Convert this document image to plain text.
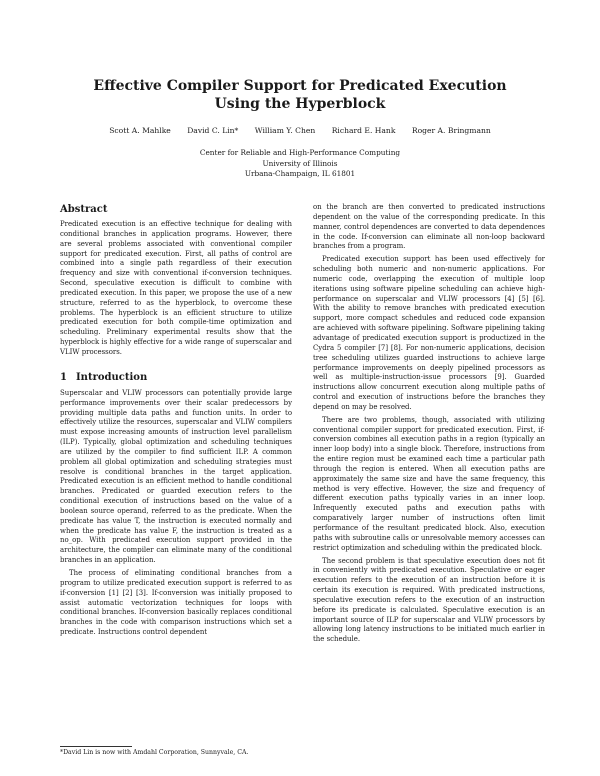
Effective Compiler Support for Predicated Execution
Using the Hyperblock
Scott A. Mahlke David C. Lin* William Y. Chen Richard E. Hank Roger A. Bringmann
Center for Reliable and High-Performance Computing
University of Illinois
Urbana-Champaign, IL 61801
Abstract

Predicated execution is an effective technique for dealing with conditional branches in application programs. However, there are several problems associated with conventional compiler support for predicated execution. First, all paths of control are combined into a single path regardless of their execution frequency and size with conventional if-conversion techniques. Second, speculative execution is difficult to combine with predicated execution. In this paper, we propose the use of a new structure, referred to as the hyperblock, to overcome these problems. The hyperblock is an efficient structure to utilize predicated execution for both compile-time optimization and scheduling. Preliminary experimental results show that the hyperblock is highly effective for a wide range of superscalar and VLIW processors.

1 Introduction

Superscalar and VLIW processors can potentially provide large performance improvements over their scalar predecessors by providing multiple data paths and function units. In order to effectively utilize the resources, superscalar and VLIW compilers must expose increasing amounts of instruction level parallelism (ILP). Typically, global optimization and scheduling techniques are utilized by the compiler to find sufficient ILP. A common problem all global optimization and scheduling strategies must resolve is conditional branches in the target application. Predicated execution is an efficient method to handle conditional branches. Predicated or guarded execution refers to the conditional execution of instructions based on the value of a boolean source operand, referred to as the predicate. When the predicate has value T, the instruction is executed normally and when the predicate has value F, the instruction is treated as a no_op. With predicated execution support provided in the architecture, the compiler can eliminate many of the conditional branches in an application.

The process of eliminating conditional branches from a program to utilize predicated execution support is referred to as if-conversion [1] [2] [3]. If-conversion was initially proposed to assist automatic vectorization techniques for loops with conditional branches. If-conversion basically replaces conditional branches in the code with comparison instructions which set a predicate. Instructions control dependent

on the branch are then converted to predicated instructions dependent on the value of the corresponding predicate. In this manner, control dependences are converted to data dependences in the code. If-conversion can eliminate all non-loop backward branches from a program.

Predicated execution support has been used effectively for scheduling both numeric and non-numeric applications. For numeric code, overlapping the execution of multiple loop iterations using software pipeline scheduling can achieve high-performance on superscalar and VLIW processors [4] [5] [6]. With the ability to remove branches with predicated execution support, more compact schedules and reduced code expansion are achieved with software pipelining. Software pipelining taking advantage of predicated execution support is productized in the Cydra 5 compiler [7] [8]. For non-numeric applications, decision tree scheduling utilizes guarded instructions to achieve large performance improvements on deeply pipelined processors as well as multiple-instruction-issue processors [9]. Guarded instructions allow concurrent execution along multiple paths of control and execution of instructions before the branches they depend on may be resolved.

There are two problems, though, associated with utilizing conventional compiler support for predicated execution. First, if-conversion combines all execution paths in a region (typically an inner loop body) into a single block. Therefore, instructions from the entire region must be examined each time a particular path through the region is entered. When all execution paths are approximately the same size and have the same frequency, this method is very effective. However, the size and frequency of different execution paths typically varies in an inner loop. Infrequently executed paths and execution paths with comparatively larger number of instructions often limit performance of the resultant predicated block. Also, execution paths with subroutine calls or unresolvable memory accesses can restrict optimization and scheduling within the predicated block.

The second problem is that speculative execution does not fit in conveniently with predicated execution. Speculative or eager execution refers to the execution of an instruction before it is certain its execution is required. With predicated instructions, speculative execution refers to the execution of an instruction before its predicate is calculated. Speculative execution is an important source of ILP for superscalar and VLIW processors by allowing long latency instructions to be initiated much earlier in the schedule.

*David Lin is now with Amdahl Corporation, Sunnyvale, CA.
